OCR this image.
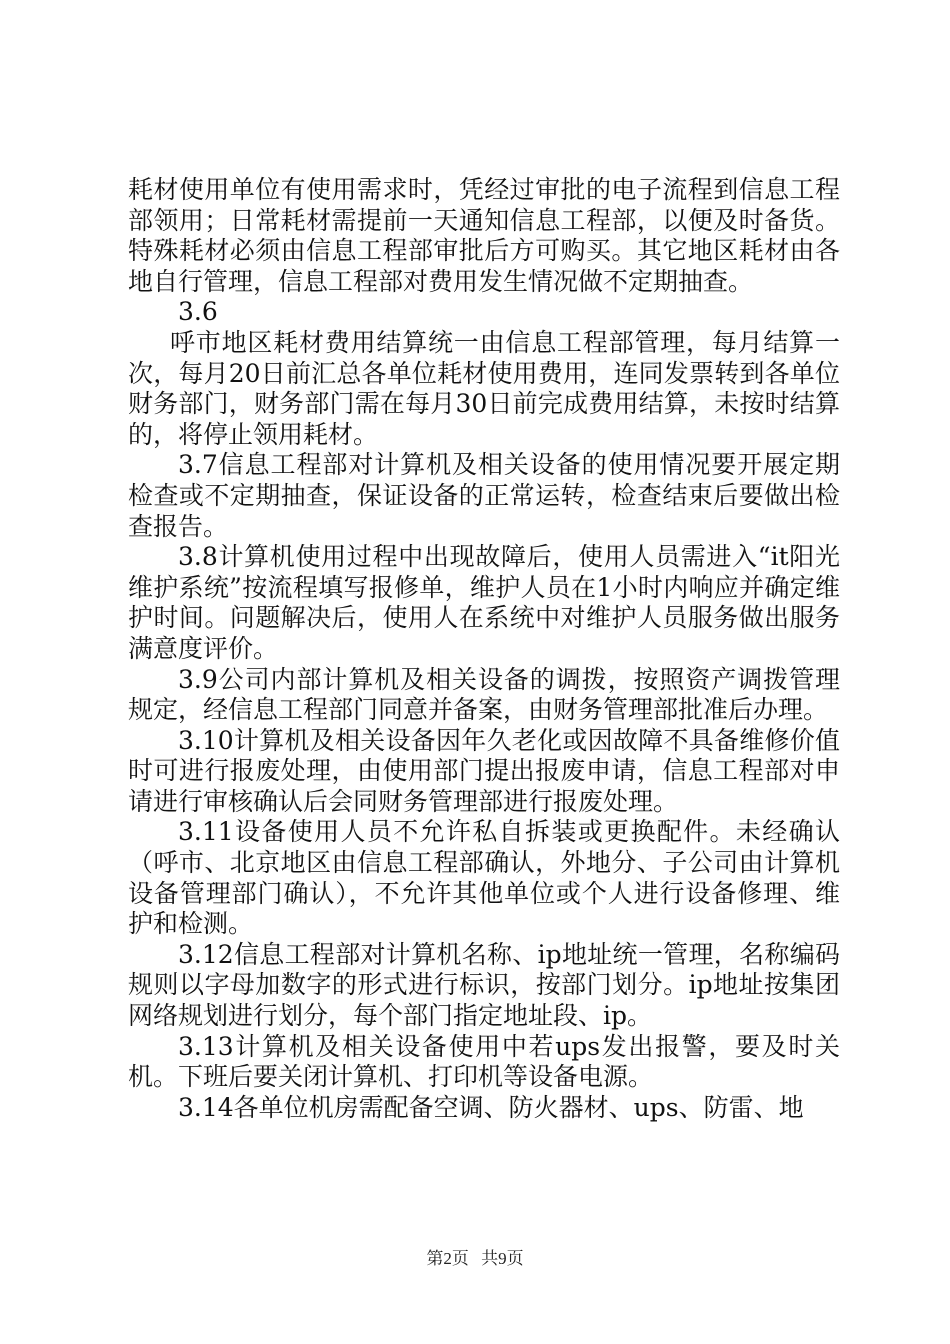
耗材使用单位有使用需求时，凭经过审批的电子流程到信息工程部领用；日常耗材需提前一天通知信息工程部，以便及时备货。特殊耗材必须由信息工程部审批后方可购买。其它地区耗材由各地自行管理，信息工程部对费用发生情况做不定期抽查。

3.6

呼市地区耗材费用结算统一由信息工程部管理，每月结算一次，每月20日前汇总各单位耗材使用费用，连同发票转到各单位财务部门，财务部门需在每月30日前完成费用结算，未按时结算的，将停止领用耗材。

3.7信息工程部对计算机及相关设备的使用情况要开展定期检查或不定期抽查，保证设备的正常运转，检查结束后要做出检查报告。

3.8计算机使用过程中出现故障后，使用人员需进入“it阳光维护系统”按流程填写报修单，维护人员在1小时内响应并确定维护时间。问题解决后，使用人在系统中对维护人员服务做出服务满意度评价。

3.9公司内部计算机及相关设备的调拨，按照资产调拨管理规定，经信息工程部门同意并备案，由财务管理部批准后办理。

3.10计算机及相关设备因年久老化或因故障不具备维修价值时可进行报废处理，由使用部门提出报废申请，信息工程部对申请进行审核确认后会同财务管理部进行报废处理。

3.11设备使用人员不允许私自拆装或更换配件。未经确认（呼市、北京地区由信息工程部确认，外地分、子公司由计算机设备管理部门确认），不允许其他单位或个人进行设备修理、维护和检测。

3.12信息工程部对计算机名称、ip地址统一管理，名称编码规则以字母加数字的形式进行标识，按部门划分。ip地址按集团网络规划进行划分，每个部门指定地址段、ip。

3.13计算机及相关设备使用中若ups发出报警，要及时关机。下班后要关闭计算机、打印机等设备电源。

3.14各单位机房需配备空调、防火器材、ups、防雷、地

第2页 共9页
